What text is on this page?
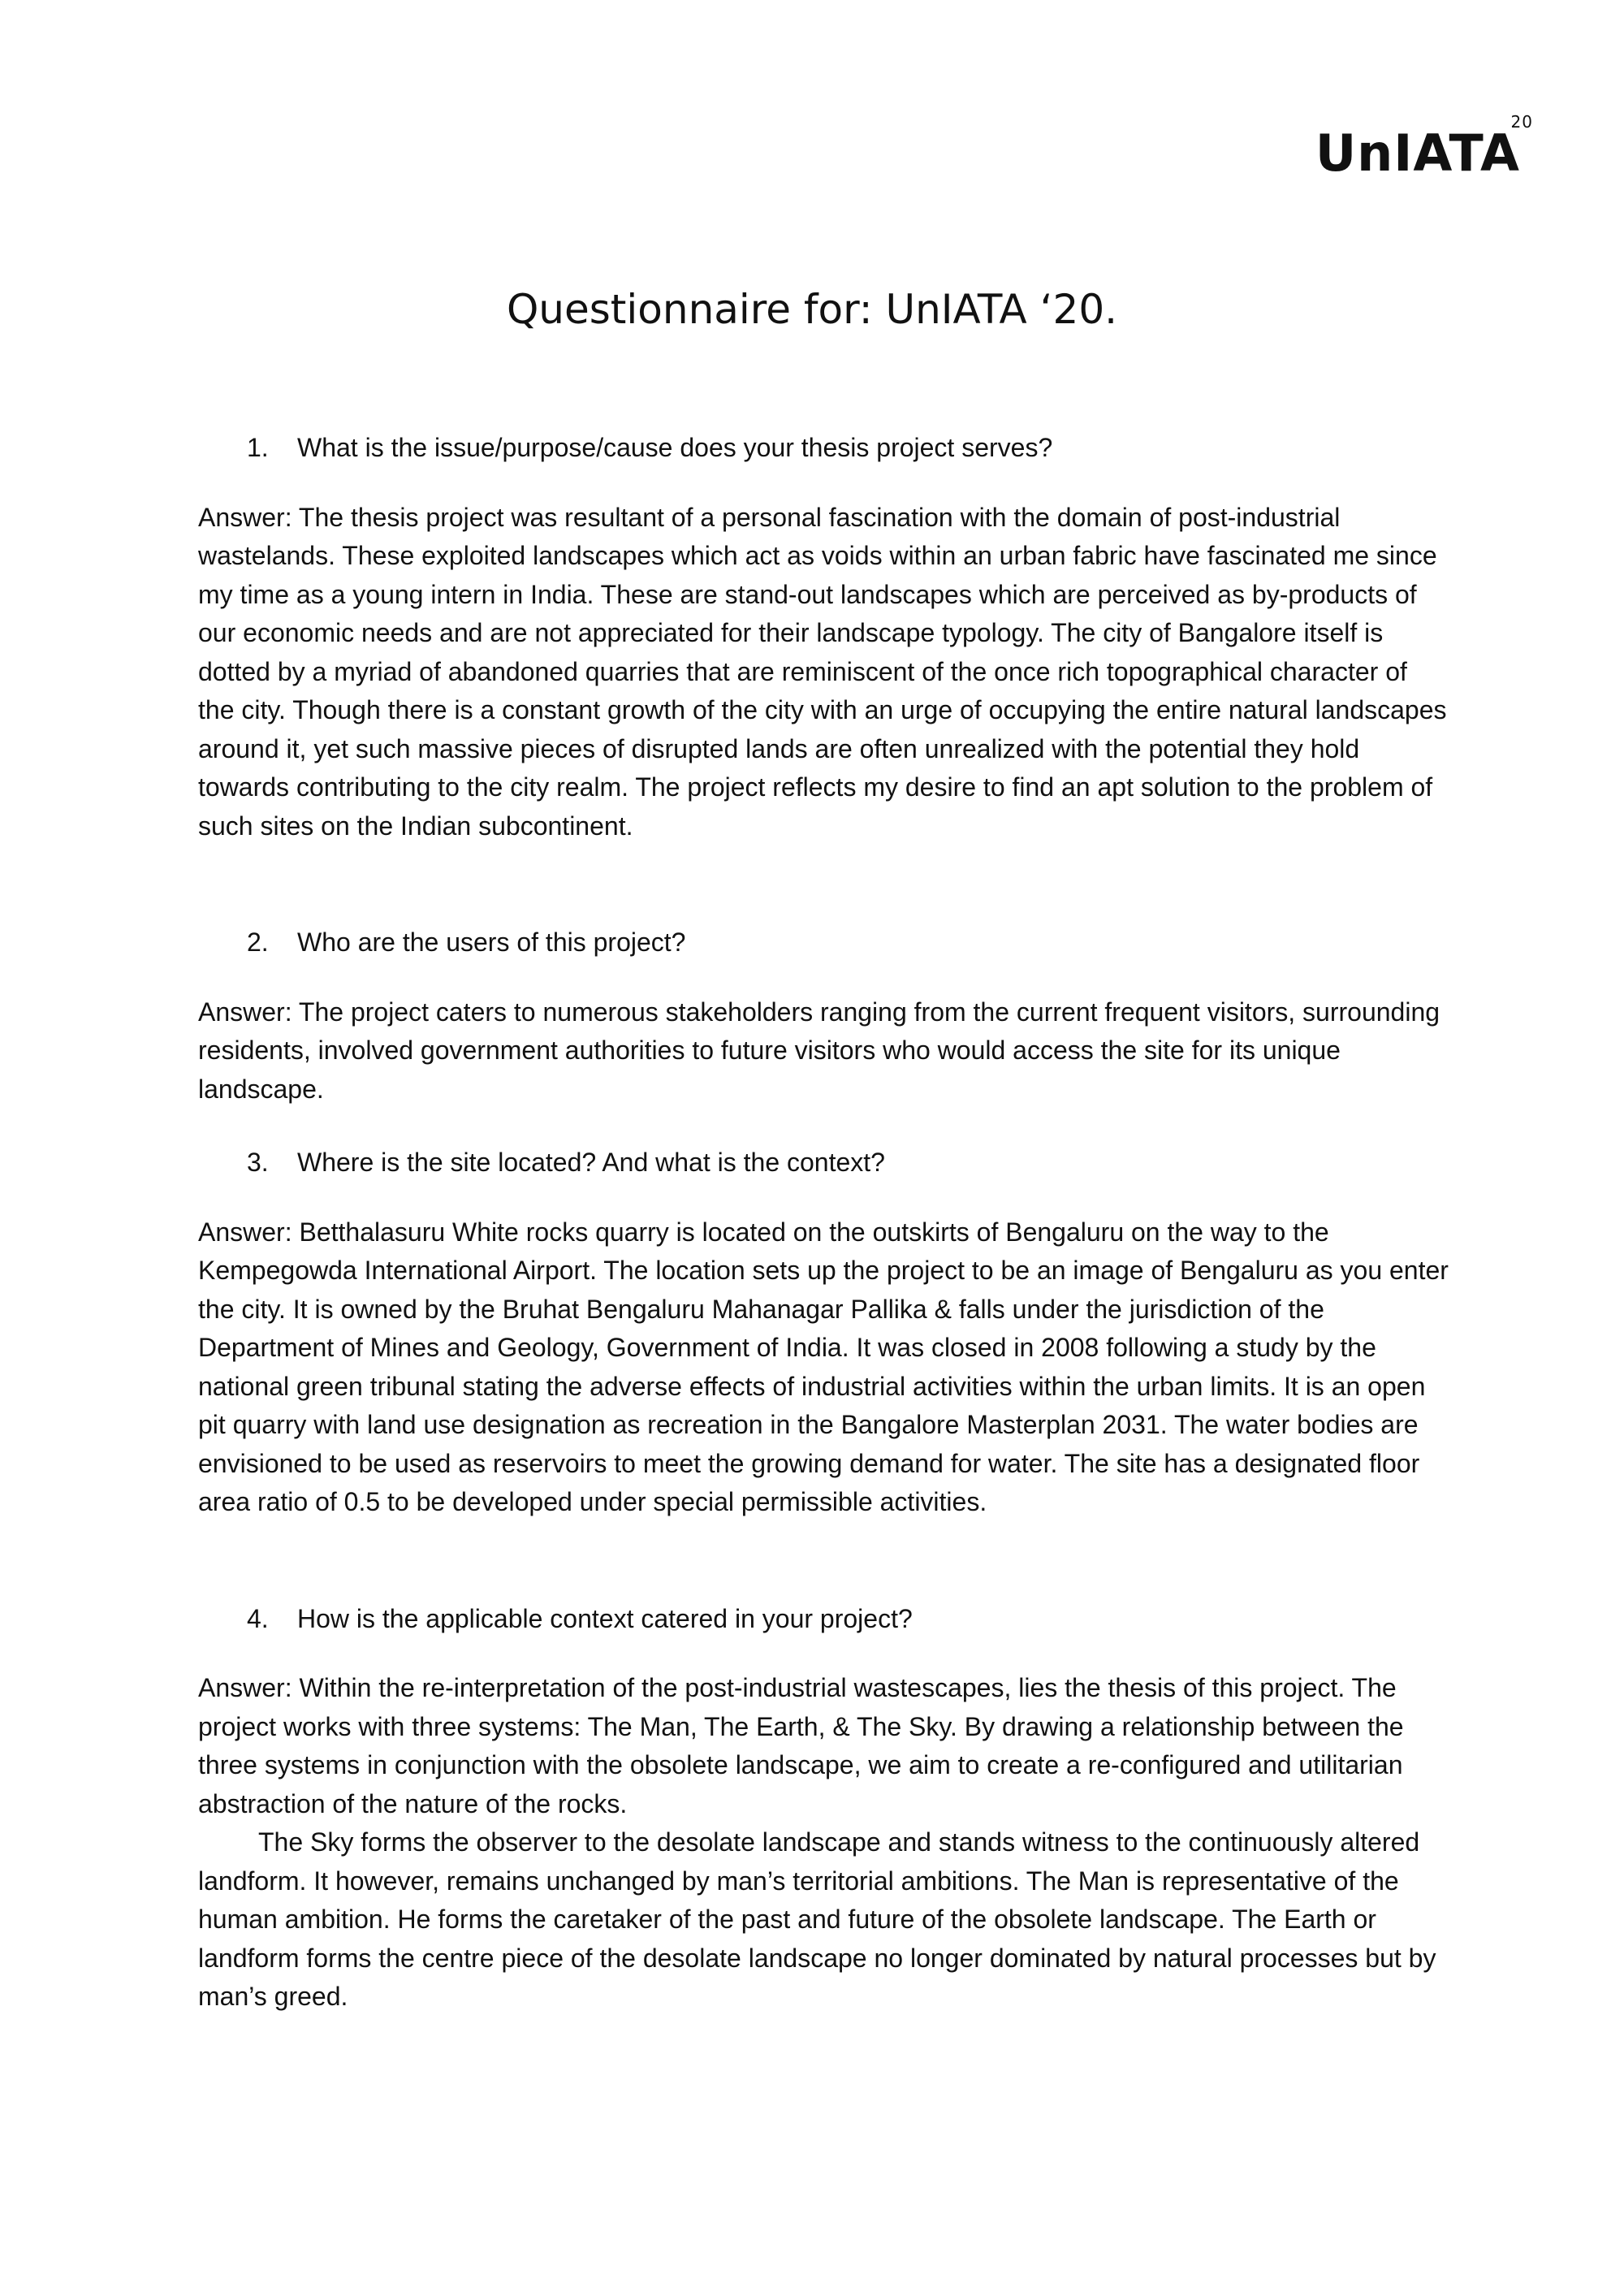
UnIATA
20
Questionnaire for: UnIATA ‘20.
1.	What is the issue/purpose/cause does your thesis project serves?

Answer: The thesis project was resultant of a personal fascination with the domain of post-industrial wastelands. These exploited landscapes which act as voids within an urban fabric have fascinated me since my time as a young intern in India. These are stand-out landscapes which are perceived as by-products of our economic needs and are not appreciated for their landscape typology. The city of Bangalore itself is dotted by a myriad of abandoned quarries that are reminiscent of the once rich topographical character of the city. Though there is a constant growth of the city with an urge of occupying the entire natural landscapes around it, yet such massive pieces of disrupted lands are often unrealized with the potential they hold towards contributing to the city realm. The project reflects my desire to find an apt solution to the problem of such sites on the Indian subcontinent.

2.	Who are the users of this project?

Answer: The project caters to numerous stakeholders ranging from the current frequent visitors, surrounding residents, involved government authorities to future visitors who would access the site for its unique landscape.

3.	Where is the site located? And what is the context?

Answer: Betthalasuru White rocks quarry is located on the outskirts of Bengaluru on the way to the Kempegowda International Airport. The location sets up the project to be an image of Bengaluru as you enter the city. It is owned by the Bruhat Bengaluru Mahanagar Pallika & falls under the jurisdiction of the Department of Mines and Geology, Government of India. It was closed in 2008 following a study by the national green tribunal stating the adverse effects of industrial activities within the urban limits. It is an open pit quarry with land use designation as recreation in the Bangalore Masterplan 2031. The water bodies are envisioned to be used as reservoirs to meet the growing demand for water. The site has a designated floor area ratio of 0.5 to be developed under special permissible activities.

4.	How is the applicable context catered in your project?

Answer: Within the re-interpretation of the post-industrial wastescapes, lies the thesis of this project. The project works with three systems: The Man, The Earth, & The Sky. By drawing a relationship between the three systems in conjunction with the obsolete landscape, we aim to create a re-configured and utilitarian abstraction of the nature of the rocks.

The Sky forms the observer to the desolate landscape and stands witness to the continuously altered landform. It however, remains unchanged by man’s territorial ambitions. The Man is representative of the human ambition. He forms the caretaker of the past and future of the obsolete landscape. The Earth or landform forms the centre piece of the desolate landscape no longer dominated by natural processes but by man’s greed.
